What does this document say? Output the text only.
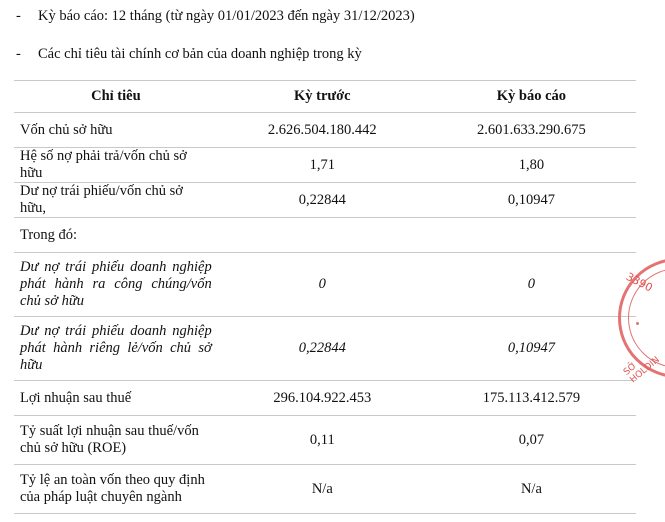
- Kỳ báo cáo: 12 tháng (từ ngày 01/01/2023 đến ngày 31/12/2023)
- Các chỉ tiêu tài chính cơ bản của doanh nghiệp trong kỳ
Chỉ tiêu	Kỳ trước	Kỳ báo cáo
Vốn chủ sở hữu	2.626.504.180.442	2.601.633.290.675
Hệ số nợ phải trả/vốn chủ sở hữu	1,71	1,80
Dư nợ trái phiếu/vốn chủ sở hữu,	0,22844	0,10947
Trong đó:		
Dư nợ trái phiếu doanh nghiệp phát hành ra công chúng/vốn chủ sở hữu	0	0
Dư nợ trái phiếu doanh nghiệp phát hành riêng lẻ/vốn chủ sở hữu	0,22844	0,10947
Lợi nhuận sau thuế	296.104.922.453	175.113.412.579
Tỷ suất lợi nhuận sau thuế/vốn chủ sở hữu (ROE)	0,11	0,07
Tỷ lệ an toàn vốn theo quy định của pháp luật chuyên ngành	N/a	N/a
3390
SỞ HOLDIN
